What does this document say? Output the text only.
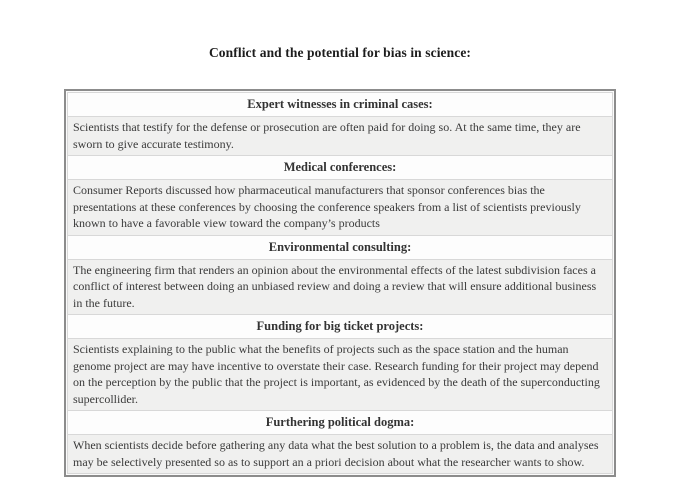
Conflict and the potential for bias in science:
Expert witnesses in criminal cases:
Scientists that testify for the defense or prosecution are often paid for doing so. At the same time, they are sworn to give accurate testimony.
Medical conferences:
Consumer Reports discussed how pharmaceutical manufacturers that sponsor conferences bias the presentations at these conferences by choosing the conference speakers from a list of scientists previously known to have a favorable view toward the company’s products
Environmental consulting:
The engineering firm that renders an opinion about the environmental effects of the latest subdivision faces a conflict of interest between doing an unbiased review and doing a review that will ensure additional business in the future.
Funding for big ticket projects:
Scientists explaining to the public what the benefits of projects such as the space station and the human genome project are may have incentive to overstate their case. Research funding for their project may depend on the perception by the public that the project is important, as evidenced by the death of the superconducting supercollider.
Furthering political dogma:
When scientists decide before gathering any data what the best solution to a problem is, the data and analyses may be selectively presented so as to support an a priori decision about what the researcher wants to show.
